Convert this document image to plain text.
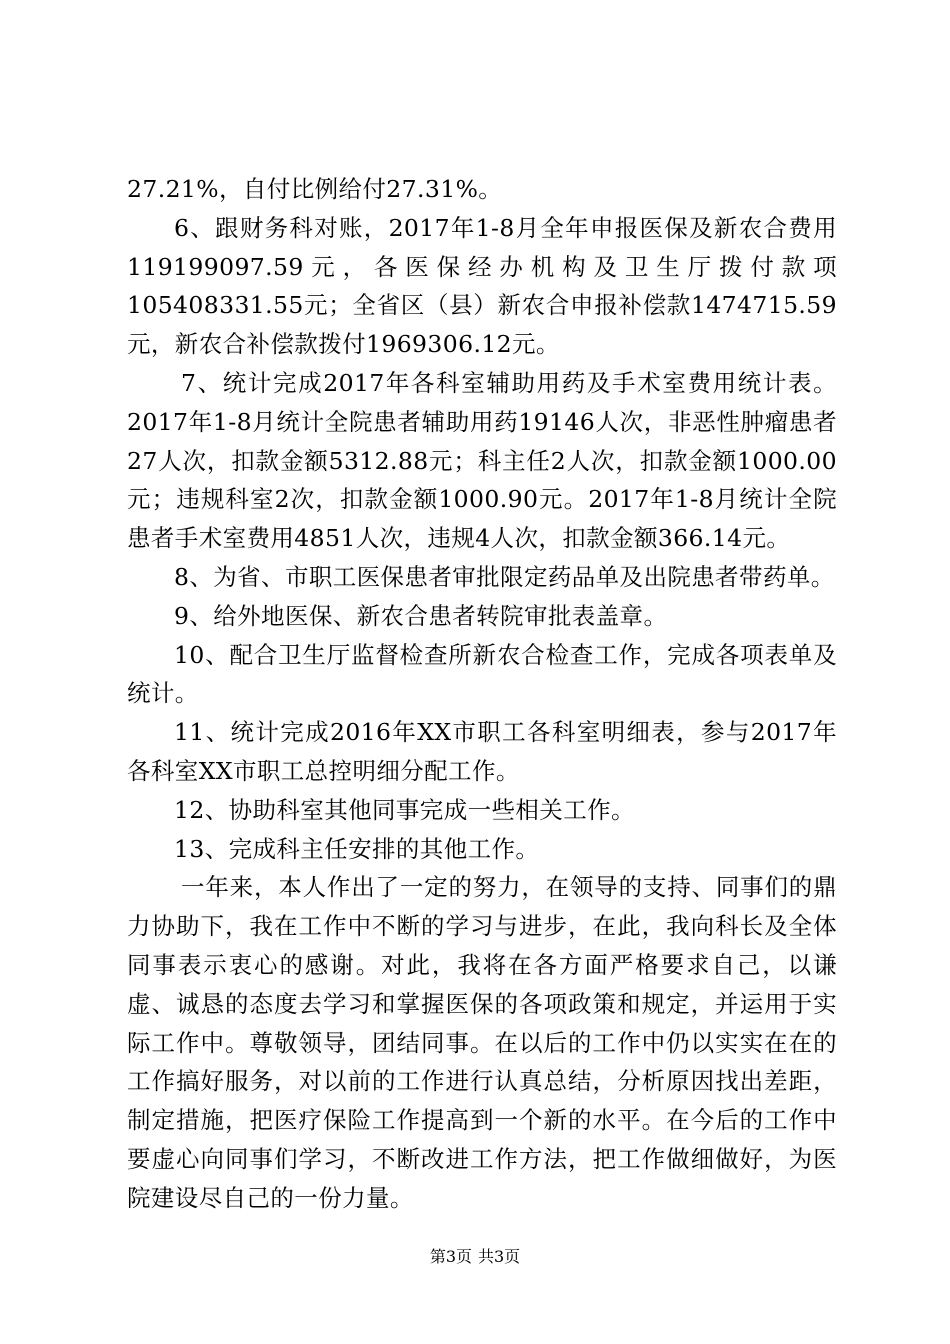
27.21%，自付比例给付27.31%。

6、跟财务科对账，2017年1-8月全年申报医保及新农合费用119199097.59元，各医保经办机构及卫生厅拨付款项105408331.55元；全省区（县）新农合申报补偿款1474715.59元，新农合补偿款拨付1969306.12元。

7、统计完成2017年各科室辅助用药及手术室费用统计表。2017年1-8月统计全院患者辅助用药19146人次，非恶性肿瘤患者27人次，扣款金额5312.88元；科主任2人次，扣款金额1000.00元；违规科室2次，扣款金额1000.90元。2017年1-8月统计全院患者手术室费用4851人次，违规4人次，扣款金额366.14元。

8、为省、市职工医保患者审批限定药品单及出院患者带药单。

9、给外地医保、新农合患者转院审批表盖章。

10、配合卫生厅监督检查所新农合检查工作，完成各项表单及统计。

11、统计完成2016年XX市职工各科室明细表，参与2017年各科室XX市职工总控明细分配工作。

12、协助科室其他同事完成一些相关工作。

13、完成科主任安排的其他工作。

一年来，本人作出了一定的努力，在领导的支持、同事们的鼎力协助下，我在工作中不断的学习与进步，在此，我向科长及全体同事表示衷心的感谢。对此，我将在各方面严格要求自己，以谦虚、诚恳的态度去学习和掌握医保的各项政策和规定，并运用于实际工作中。尊敬领导，团结同事。在以后的工作中仍以实实在在的工作搞好服务，对以前的工作进行认真总结，分析原因找出差距，制定措施，把医疗保险工作提高到一个新的水平。在今后的工作中要虚心向同事们学习，不断改进工作方法，把工作做细做好，为医院建设尽自己的一份力量。

第3页 共3页
